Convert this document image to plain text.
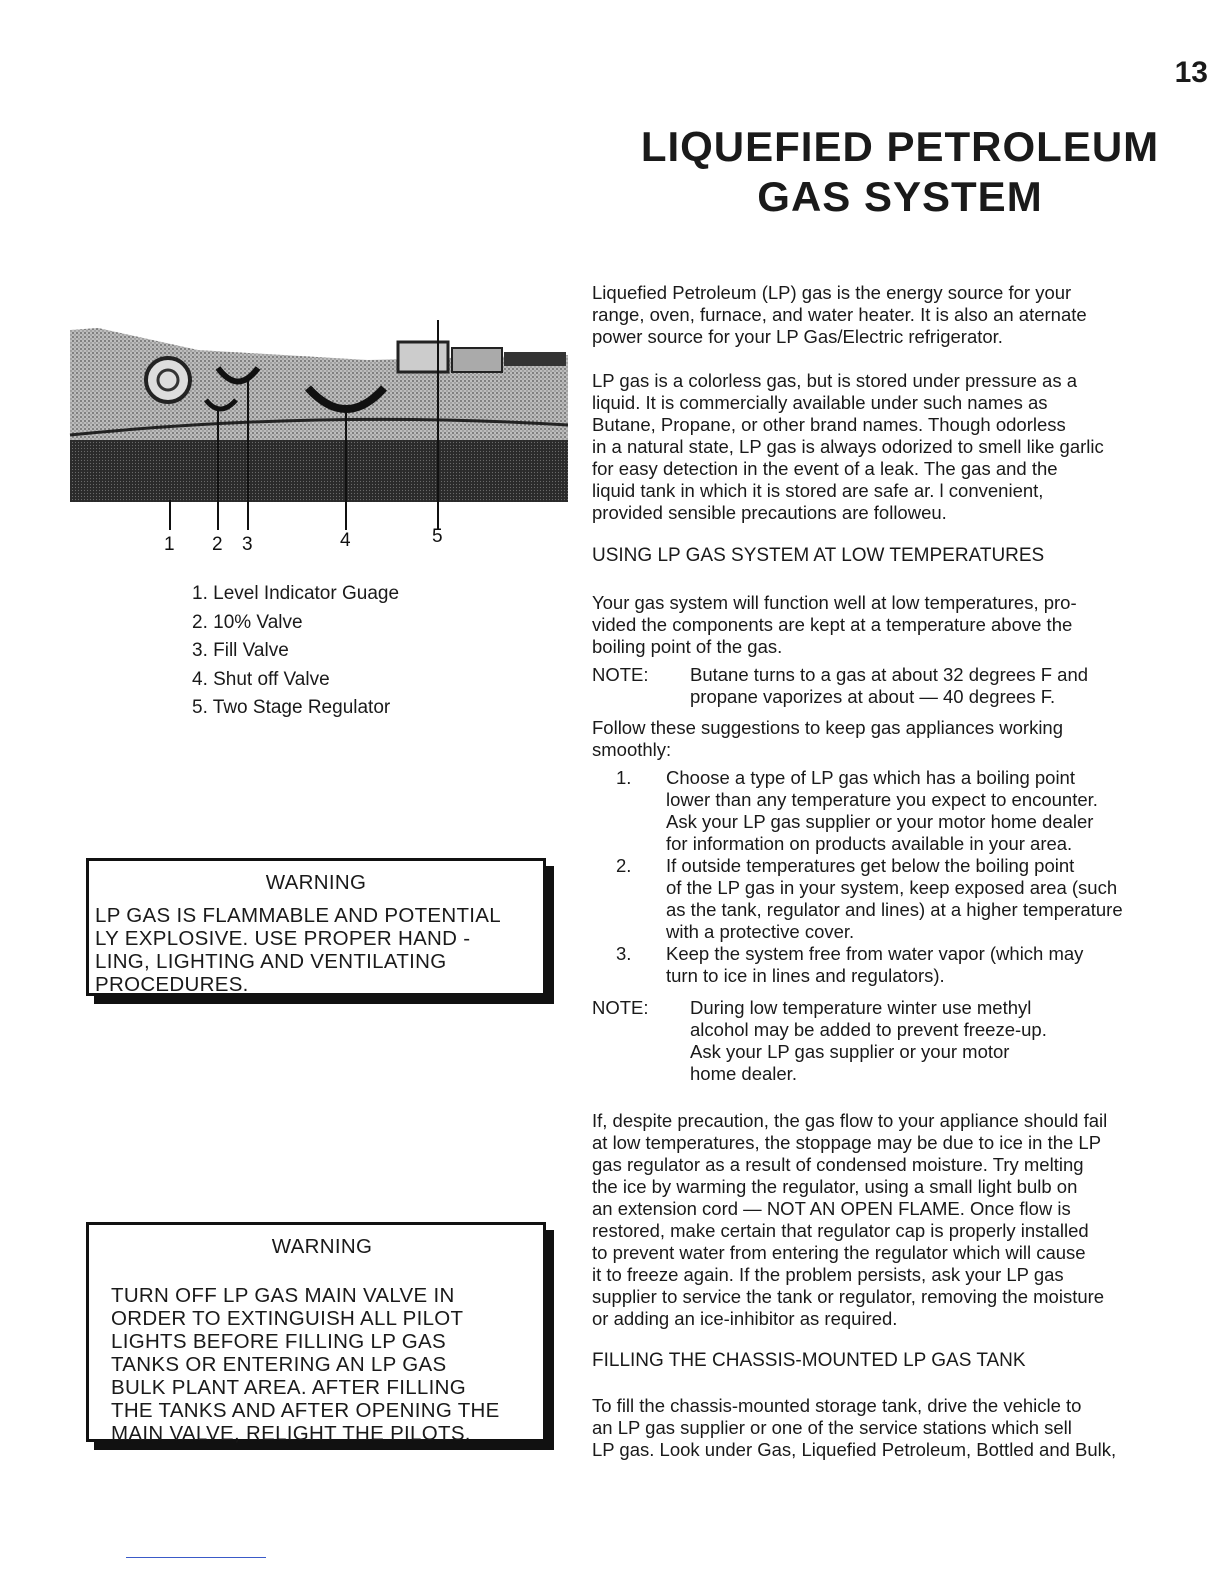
13
LIQUEFIED PETROLEUM
GAS SYSTEM
1 2 3	4	5
1. Level Indicator Guage
2. 10% Valve
3. Fill Valve
4. Shut off Valve
5. Two Stage Regulator
WARNING
LP GAS IS FLAMMABLE AND POTENTIAL
LY EXPLOSIVE. USE PROPER HAND -
LING, LIGHTING AND VENTILATING
PROCEDURES.
WARNING
TURN OFF LP GAS MAIN VALVE IN
ORDER TO EXTINGUISH ALL PILOT
LIGHTS BEFORE FILLING LP GAS
TANKS OR ENTERING AN LP GAS
BULK PLANT AREA. AFTER FILLING
THE TANKS AND AFTER OPENING THE
MAIN VALVE, RELIGHT THE PILOTS.
Liquefied Petroleum (LP) gas is the energy source for your
range, oven, furnace, and water heater. It is also an aternate
power source for your LP Gas/Electric refrigerator.
LP gas is a colorless gas, but is stored under pressure as a
liquid. It is commercially available under such names as
Butane, Propane, or other brand names. Though odorless
in a natural state, LP gas is always odorized to smell like garlic
for easy detection in the event of a leak. The gas and the
liquid tank in which it is stored are safe ar. l convenient,
provided sensible precautions are followeu.
USING LP GAS SYSTEM AT LOW TEMPERATURES
Your gas system will function well at low temperatures, pro-
vided the components are kept at a temperature above the
boiling point of the gas.
NOTE:	Butane turns to a gas at about 32 degrees F and
propane vaporizes at about — 40 degrees F.
Follow these suggestions to keep gas appliances working
smoothly:
1.	Choose a type of LP gas which has a boiling point
lower than any temperature you expect to encounter.
Ask your LP gas supplier or your motor home dealer
for information on products available in your area.
2.	If outside temperatures get below the boiling point
of the LP gas in your system, keep exposed area (such
as the tank, regulator and lines) at a higher temperature
with a protective cover.
3.	Keep the system free from water vapor (which may
turn to ice in lines and regulators).
NOTE:	During low temperature winter use methyl
alcohol may be added to prevent freeze-up.
Ask your LP gas supplier or your motor
home dealer.
If, despite precaution, the gas flow to your appliance should fail
at low temperatures, the stoppage may be due to ice in the LP
gas regulator as a result of condensed moisture. Try melting
the ice by warming the regulator, using a small light bulb on
an extension cord — NOT AN OPEN FLAME. Once flow is
restored, make certain that regulator cap is properly installed
to prevent water from entering the regulator which will cause
it to freeze again. If the problem persists, ask your LP gas
supplier to service the tank or regulator, removing the moisture
or adding an ice-inhibitor as required.
FILLING THE CHASSIS-MOUNTED LP GAS TANK
To fill the chassis-mounted storage tank, drive the vehicle to
an LP gas supplier or one of the service stations which sell
LP gas. Look under Gas, Liquefied Petroleum, Bottled and Bulk,
